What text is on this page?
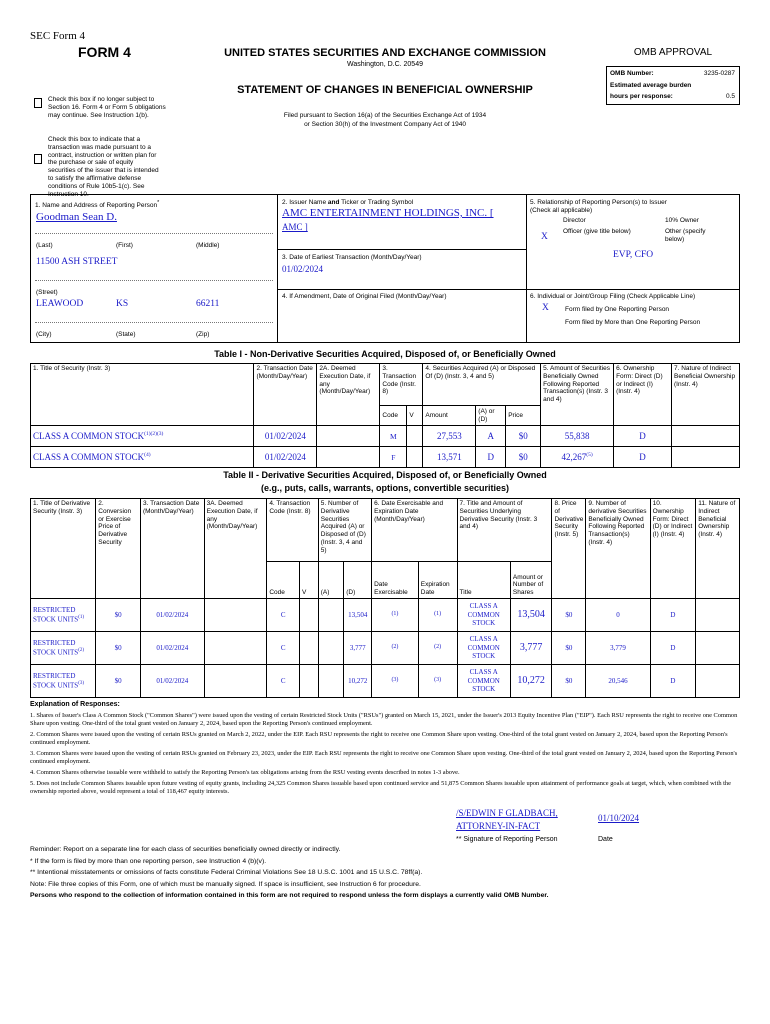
SEC Form 4
FORM 4	UNITED STATES SECURITIES AND EXCHANGE COMMISSION
Washington, D.C. 20549
STATEMENT OF CHANGES IN BENEFICIAL OWNERSHIP
Filed pursuant to Section 16(a) of the Securities Exchange Act of 1934
or Section 30(h) of the Investment Company Act of 1940
Check this box if no longer subject to Section 16. Form 4 or Form 5 obligations may continue. See Instruction 1(b).
Check this box to indicate that a transaction was made pursuant to a contract, instruction or written plan for the purchase or sale of equity securities of the issuer that is intended to satisfy the affirmative defense conditions of Rule 10b5-1(c). See Instruction 10.
OMB APPROVAL
OMB Number:	3235-0287
Estimated average burden
hours per response:	0.5
1. Name and Address of Reporting Person*
Goodman Sean D.
(Last)	(First)	(Middle)
11500 ASH STREET
(Street)
LEAWOOD	KS	66211
(City)	(State)	(Zip)
2. Issuer Name and Ticker or Trading Symbol
AMC ENTERTAINMENT HOLDINGS, INC. [
AMC ]
3. Date of Earliest Transaction (Month/Day/Year)
01/02/2024
4. If Amendment, Date of Original Filed (Month/Day/Year)
5. Relationship of Reporting Person(s) to Issuer
(Check all applicable)
Director	10% Owner
X
Officer (give title below)	Other (specify below)
EVP, CFO
6. Individual or Joint/Group Filing (Check Applicable Line)
X Form filed by One Reporting Person
Form filed by More than One Reporting Person
Table I - Non-Derivative Securities Acquired, Disposed of, or Beneficially Owned
1. Title of Security (Instr. 3)	2. Transaction Date (Month/Day/Year)	2A. Deemed Execution Date, if any (Month/Day/Year)	3. Transaction Code (Instr. 8)		4. Securities Acquired (A) or Disposed Of (D) (Instr. 3, 4 and 5)			5. Amount of Securities Beneficially Owned Following Reported Transaction(s) (Instr. 3 and 4)	6. Ownership Form: Direct (D) or Indirect (I) (Instr. 4)	7. Nature of Indirect Beneficial Ownership (Instr. 4)
			Code	V	Amount	(A) or (D)	Price			
CLASS A COMMON $STOCK^{(1)(2)(3)}$	01/02/2024		M		27,553	A	$0	55,838	D	
CLASS A COMMON STOCK$^{(4)}$	01/02/2024		F		13,571	D	$0	42,267$^{(5)}$	D	
Table II - Derivative Securities Acquired, Disposed of, or Beneficially Owned
(e.g., puts, calls, warrants, options, convertible securities)
1. Title of Derivative Security (Instr. 3)	2. Conversion or Exercise Price of Derivative Security	3. Transaction Date (Month/Day/Year)	3A. Deemed Execution Date, if any (Month/Day/Year)	4. Transaction Code (Instr. 8)		5. Number of Derivative Securities Acquired (A) or Disposed of (D) (Instr. 3, 4 and 5)		6. Date Exercisable and Expiration Date (Month/Day/Year)		7. Title and Amount of Securities Underlying Derivative Security (Instr. 3 and 4)		8. Price of Derivative Security (Instr. 5)	9. Number of derivative Securities Beneficially Owned Following Reported Transaction(s) (Instr. 4)	10. Ownership Form: Direct (D) or Indirect (I) (Instr. 4)	11. Nature of Indirect Beneficial Ownership (Instr. 4)
				Code	V	(A)	(D)	Date Exercisable	Expiration Date	Title	Amount or Number of Shares				
RESTRICTED STOCK UNITS$^{(1)}$	$0	01/02/2024		C			13,504	(1)	(1)	CLASS A COMMON STOCK	13,504	$0	0	D	
RESTRICTED STOCK UNITS$^{(2)}$	$0	01/02/2024		C			3,777	(2)	(2)	CLASS A COMMON STOCK	3,777	$0	3,779	D	
RESTRICTED STOCK UNITS$^{(3)}$	$0	01/02/2024		C			10,272	(3)	(3)	CLASS A COMMON STOCK	10,272	$0	20,546	D	
Explanation of Responses:
1. Shares of Issuer's Class A Common Stock ("Common Shares") were issued upon the vesting of certain Restricted Stock Units ("RSUs") granted on March 15, 2021, under the Issuer's 2013 Equity Incentive Plan ("EIP"). Each RSU represents the right to receive one Common Share upon vesting. One-third of the total grant vested on January 2, 2024, based upon the Reporting Person's continued employment.
2. Common Shares were issued upon the vesting of certain RSUs granted on March 2, 2022, under the EIP. Each RSU represents the right to receive one Common Share upon vesting. One-third of the total grant vested on January 2, 2024, based upon the Reporting Person's continued employment.
3. Common Shares were issued upon the vesting of certain RSUs granted on February 23, 2023, under the EIP. Each RSU represents the right to receive one Common Share upon vesting. One-third of the total grant vested on January 2, 2024, based upon the Reporting Person's continued employment.
4. Common Shares otherwise issuable were withheld to satisfy the Reporting Person's tax obligations arising from the RSU vesting events described in notes 1-3 above.
5. Does not include Common Shares issuable upon future vesting of equity grants, including 24,325 Common Shares issuable based upon continued service and 51,875 Common Shares issuable upon attainment of performance goals at target, which, when combined with the ownership reported above, would represent a total of 118,467 equity interests.
/S/EDWIN F GLADBACH,
ATTORNEY-IN-FACT
01/10/2024
** Signature of Reporting Person	Date
Reminder: Report on a separate line for each class of securities beneficially owned directly or indirectly.
* If the form is filed by more than one reporting person, see Instruction 4 (b)(v).
** Intentional misstatements or omissions of facts constitute Federal Criminal Violations See 18 U.S.C. 1001 and 15 U.S.C. 78ff(a).
Note: File three copies of this Form, one of which must be manually signed. If space is insufficient, see Instruction 6 for procedure.
Persons who respond to the collection of information contained in this form are not required to respond unless the form displays a currently valid OMB Number.
